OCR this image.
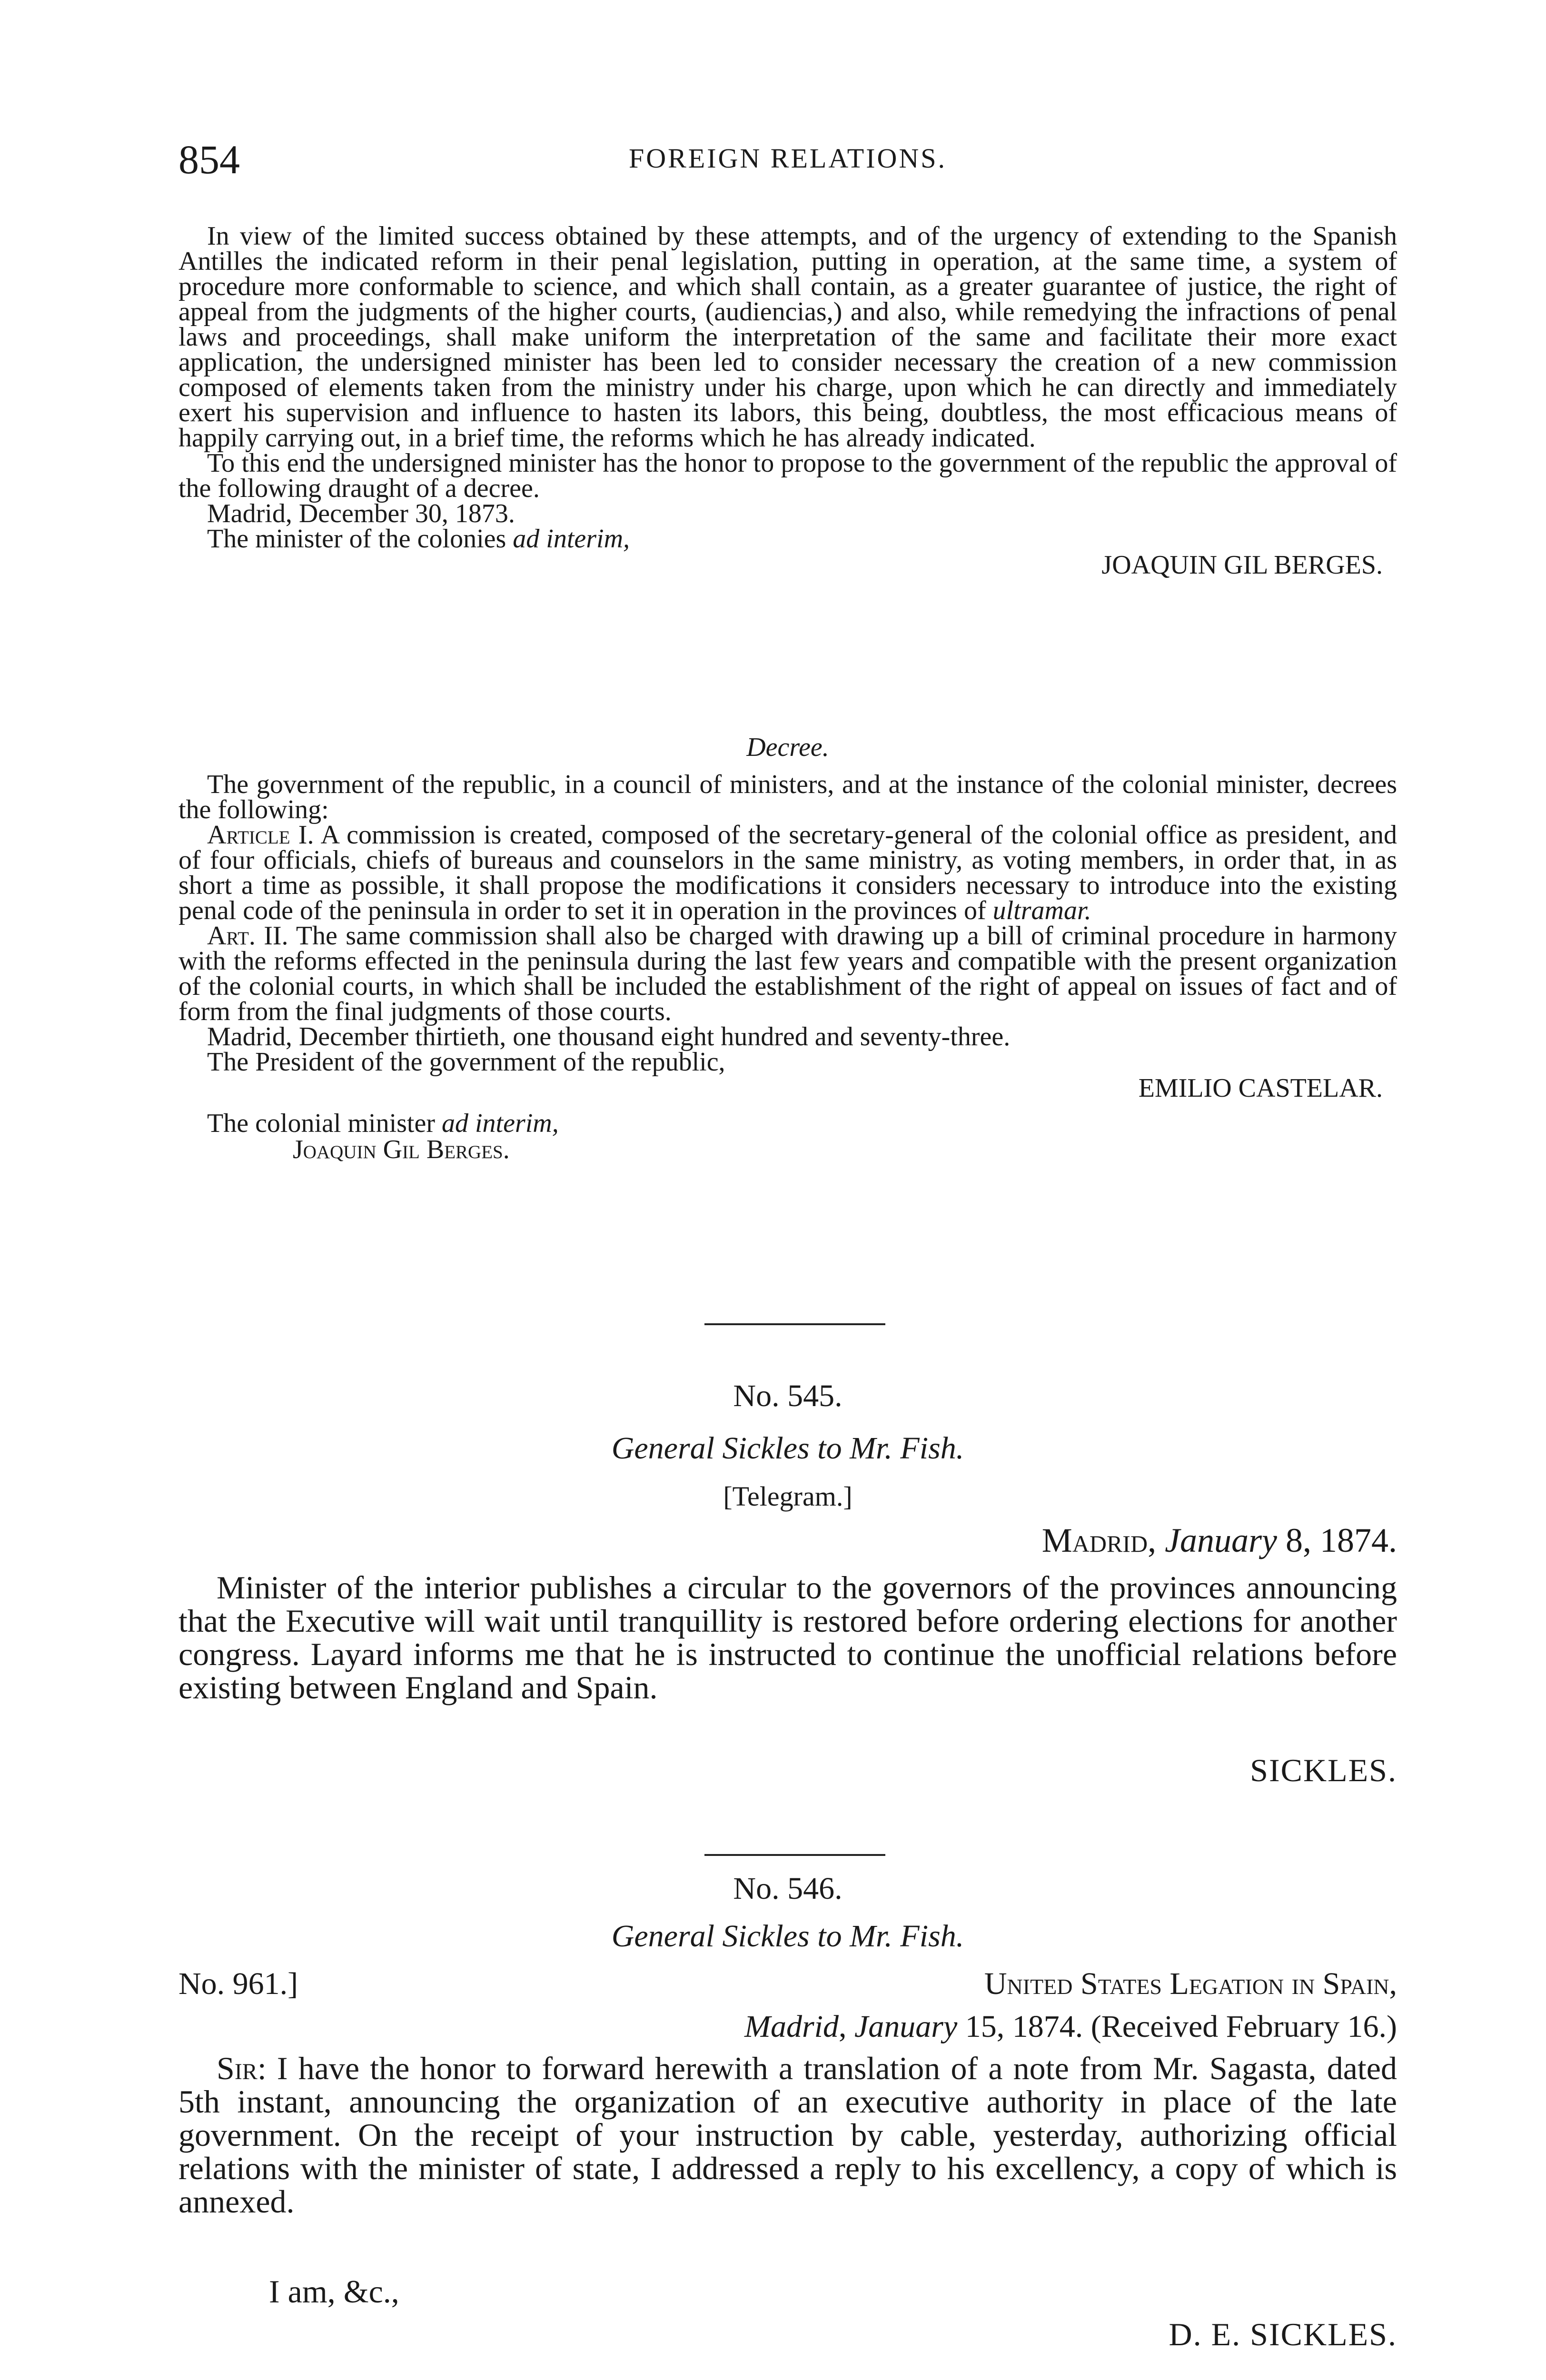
854	FOREIGN RELATIONS.

In view of the limited success obtained by these attempts, and of the urgency of extending to the Spanish Antilles the indicated reform in their penal legislation, putting in operation, at the same time, a system of procedure more conformable to science, and which shall contain, as a greater guarantee of justice, the right of appeal from the judgments of the higher courts, (audiencias,) and also, while remedying the infractions of penal laws and proceedings, shall make uniform the interpretation of the same and facilitate their more exact application, the undersigned minister has been led to consider necessary the creation of a new commission composed of elements taken from the ministry under his charge, upon which he can directly and immediately exert his supervision and influence to hasten its labors, this being, doubtless, the most efficacious means of happily carrying out, in a brief time, the reforms which he has already indicated.

To this end the undersigned minister has the honor to propose to the government of the republic the approval of the following draught of a decree.

Madrid, December 30, 1873.

The minister of the colonies ad interim,

JOAQUIN GIL BERGES.
Decree.

The government of the republic, in a council of ministers, and at the instance of the colonial minister, decrees the following:

Article I. A commission is created, composed of the secretary-general of the colonial office as president, and of four officials, chiefs of bureaus and counselors in the same ministry, as voting members, in order that, in as short a time as possible, it shall propose the modifications it considers necessary to introduce into the existing penal code of the peninsula in order to set it in operation in the provinces of ultramar.

Art. II. The same commission shall also be charged with drawing up a bill of criminal procedure in harmony with the reforms effected in the peninsula during the last few years and compatible with the present organization of the colonial courts, in which shall be included the establishment of the right of appeal on issues of fact and of form from the final judgments of those courts.

Madrid, December thirtieth, one thousand eight hundred and seventy-three.

The President of the government of the republic,

EMILIO CASTELAR.

The colonial minister ad interim,

Joaquin Gil Berges.
No. 545.
General Sickles to Mr. Fish.
[Telegram.]
Madrid, January 8, 1874.

Minister of the interior publishes a circular to the governors of the provinces announcing that the Executive will wait until tranquillity is restored before ordering elections for another congress. Layard informs me that he is instructed to continue the unofficial relations before existing between England and Spain.

SICKLES.
No. 546.
General Sickles to Mr. Fish.
No. 961.]	United States Legation in Spain,
Madrid, January 15, 1874. (Received February 16.)

Sir: I have the honor to forward herewith a translation of a note from Mr. Sagasta, dated 5th instant, announcing the organization of an executive authority in place of the late government. On the receipt of your instruction by cable, yesterday, authorizing official relations with the minister of state, I addressed a reply to his excellency, a copy of which is annexed.

I am, &c.,
D. E. SICKLES.
